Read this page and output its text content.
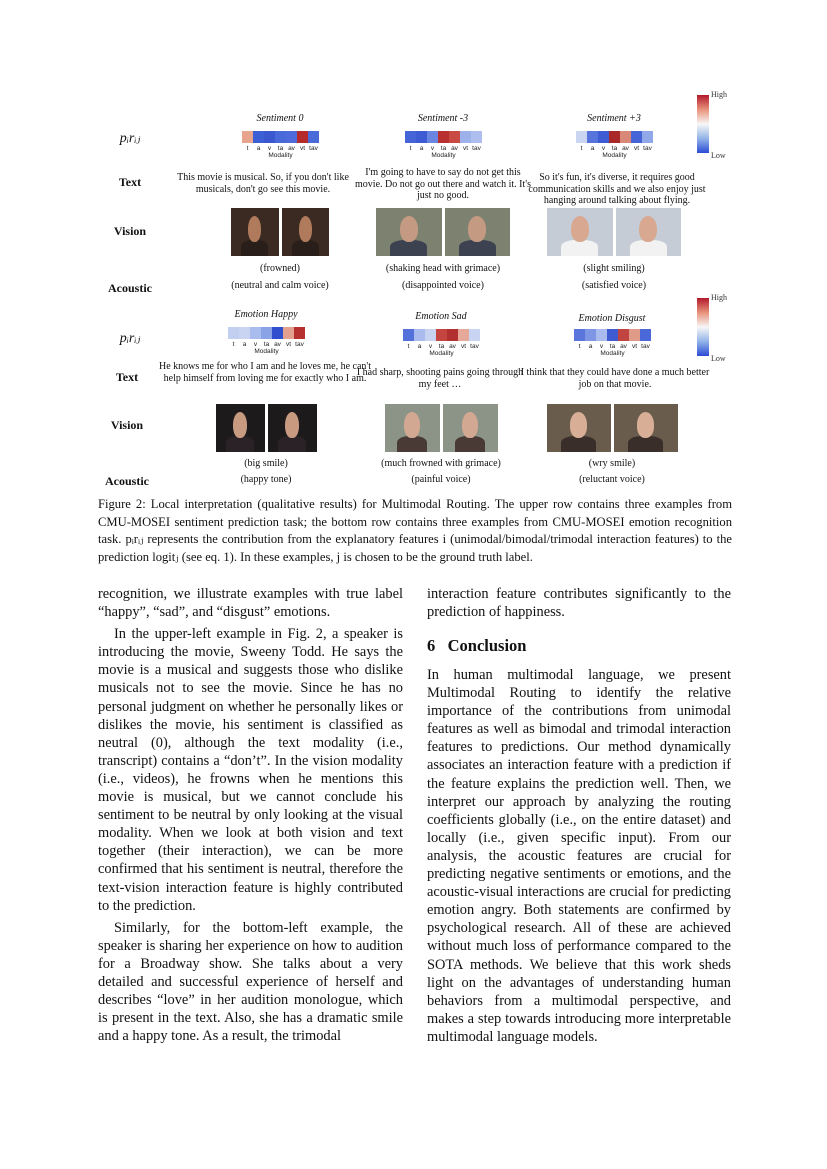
pᵢrᵢⱼ
Text
Vision
Acoustic
pᵢrᵢⱼ
Text
Vision
Acoustic
High
Low
High
Low
Sentiment 0
t	a	v	ta av vt tav
Modality
This movie is musical. So, if you don't like musicals, don't go see this movie.
(frowned)
(neutral and calm voice)
Sentiment -3
t	a	v	ta av vt tav
Modality
I'm going to have to say do not get this movie. Do not go out there and watch it. It's just no good.
(shaking head with grimace)
(disappointed voice)
Sentiment +3
t	a	v	ta av vt tav
Modality
So it's fun, it's diverse, it requires good communication skills and we also enjoy just hanging around talking about flying.
(slight smiling)
(satisfied voice)
Emotion Happy
t	a	v	ta av vt tav
Modality
He knows me for who I am and he loves me, he can't help himself from loving me for exactly who I am.
(big smile)
(happy tone)
Emotion Sad
t	a	v	ta av vt tav
Modality
I had sharp, shooting pains going through my feet …
(much frowned with grimace)
(painful voice)
Emotion Disgust
t	a	v	ta av vt tav
Modality
I think that they could have done a much better job on that movie.
(wry smile)
(reluctant voice)
Figure 2: Local interpretation (qualitative results) for Multimodal Routing. The upper row contains three examples from CMU-MOSEI sentiment prediction task; the bottom row contains three examples from CMU-MOSEI emotion recognition task. pᵢrᵢⱼ represents the contribution from the explanatory features i (unimodal/bimodal/trimodal interaction features) to the prediction logitⱼ (see eq. 1). In these examples, j is chosen to be the ground truth label.

recognition, we illustrate examples with true label “happy”, “sad”, and “disgust” emotions.

In the upper-left example in Fig. 2, a speaker is introducing the movie, Sweeny Todd. He says the movie is a musical and suggests those who dislike musicals not to see the movie. Since he has no personal judgment on whether he personally likes or dislikes the movie, his sentiment is classified as neutral (0), although the text modality (i.e., transcript) contains a “don’t”. In the vision modality (i.e., videos), he frowns when he mentions this movie is musical, but we cannot conclude his sentiment to be neutral by only looking at the visual modality. When we look at both vision and text together (their interaction), we can be more confirmed that his sentiment is neutral, therefore the text-vision interaction feature is highly contributed to the prediction.

Similarly, for the bottom-left example, the speaker is sharing her experience on how to audition for a Broadway show. She talks about a very detailed and successful experience of herself and describes “love” in her audition monologue, which is present in the text. Also, she has a dramatic smile and a happy tone. As a result, the trimodal

interaction feature contributes significantly to the prediction of happiness.

6 Conclusion

In human multimodal language, we present Multimodal Routing to identify the relative importance of the contributions from unimodal features as well as bimodal and trimodal interaction features to predictions. Our method dynamically associates an interaction feature with a prediction if the feature explains the prediction well. Then, we interpret our approach by analyzing the routing coefficients globally (i.e., on the entire dataset) and locally (i.e., given specific input). From our analysis, the acoustic features are crucial for predicting negative sentiments or emotions, and the acoustic-visual interactions are crucial for predicting emotion angry. Both statements are confirmed by psychological research. All of these are achieved without much loss of performance compared to the SOTA methods. We believe that this work sheds light on the advantages of understanding human behaviors from a multimodal perspective, and makes a step towards introducing more interpretable multimodal language models.
